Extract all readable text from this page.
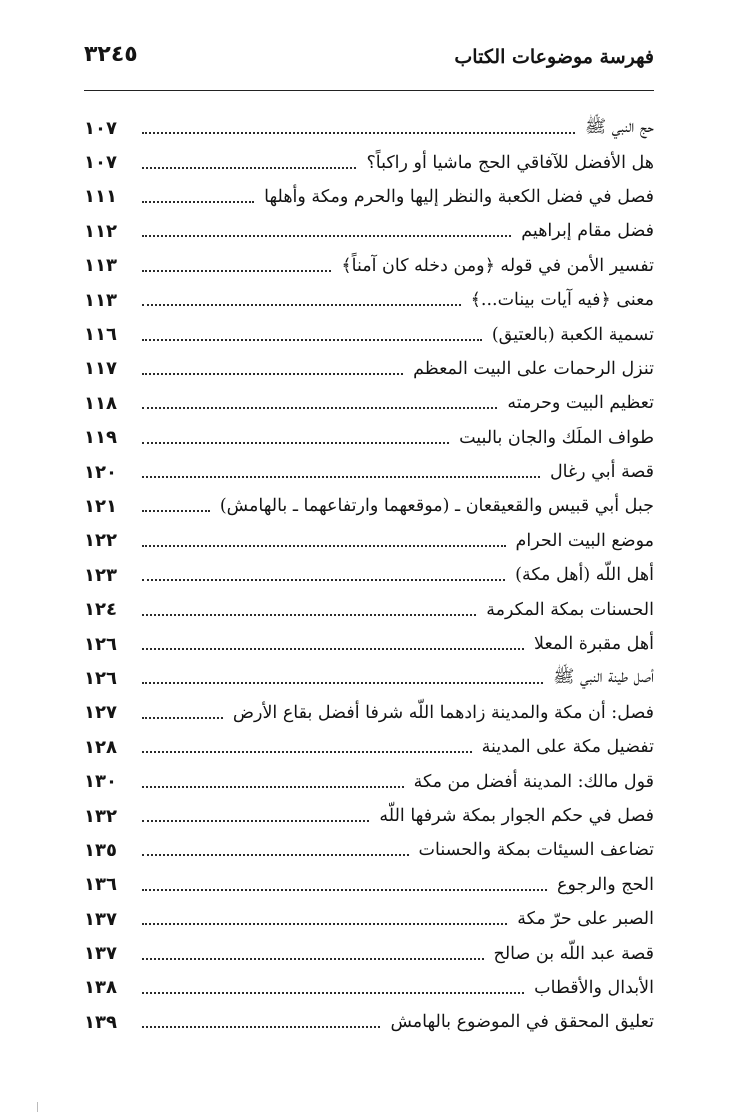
فهرسة موضوعات الكتاب
٣٢٤٥
حج النبي ﷺ
١٠٧
هل الأفضل للآفاقي الحج ماشيا أو راكباً؟
١٠٧
فصل في فضل الكعبة والنظر إليها والحرم ومكة وأهلها
١١١
فضل مقام إبراهيم
١١٢
تفسير الأمن في قوله ﴿ومن دخله كان آمناً﴾
١١٣
معنى ﴿فيه آيات بينات...﴾
١١٣
تسمية الكعبة (بالعتيق)
١١٦
تنزل الرحمات على البيت المعظم
١١٧
تعظيم البيت وحرمته
١١٨
طواف الملَك والجان بالبيت
١١٩
قصة أبي رغال
١٢٠
جبل أبي قبيس والقعيقعان ـ (موقعهما وارتفاعهما ـ بالهامش)
١٢١
موضع البيت الحرام
١٢٢
أهل اللّه (أهل مكة)
١٢٣
الحسنات بمكة المكرمة
١٢٤
أهل مقبرة المعلا
١٢٦
أصل طينة النبي ﷺ
١٢٦
فصل: أن مكة والمدينة زادهما اللّه شرفا أفضل بقاع الأرض
١٢٧
تفضيل مكة على المدينة
١٢٨
قول مالك: المدينة أفضل من مكة
١٣٠
فصل في حكم الجوار بمكة شرفها اللّه
١٣٢
تضاعف السيئات بمكة والحسنات
١٣٥
الحج والرجوع
١٣٦
الصبر على حرّ مكة
١٣٧
قصة عبد اللّه بن صالح
١٣٧
الأبدال والأقطاب
١٣٨
تعليق المحقق في الموضوع بالهامش
١٣٩
